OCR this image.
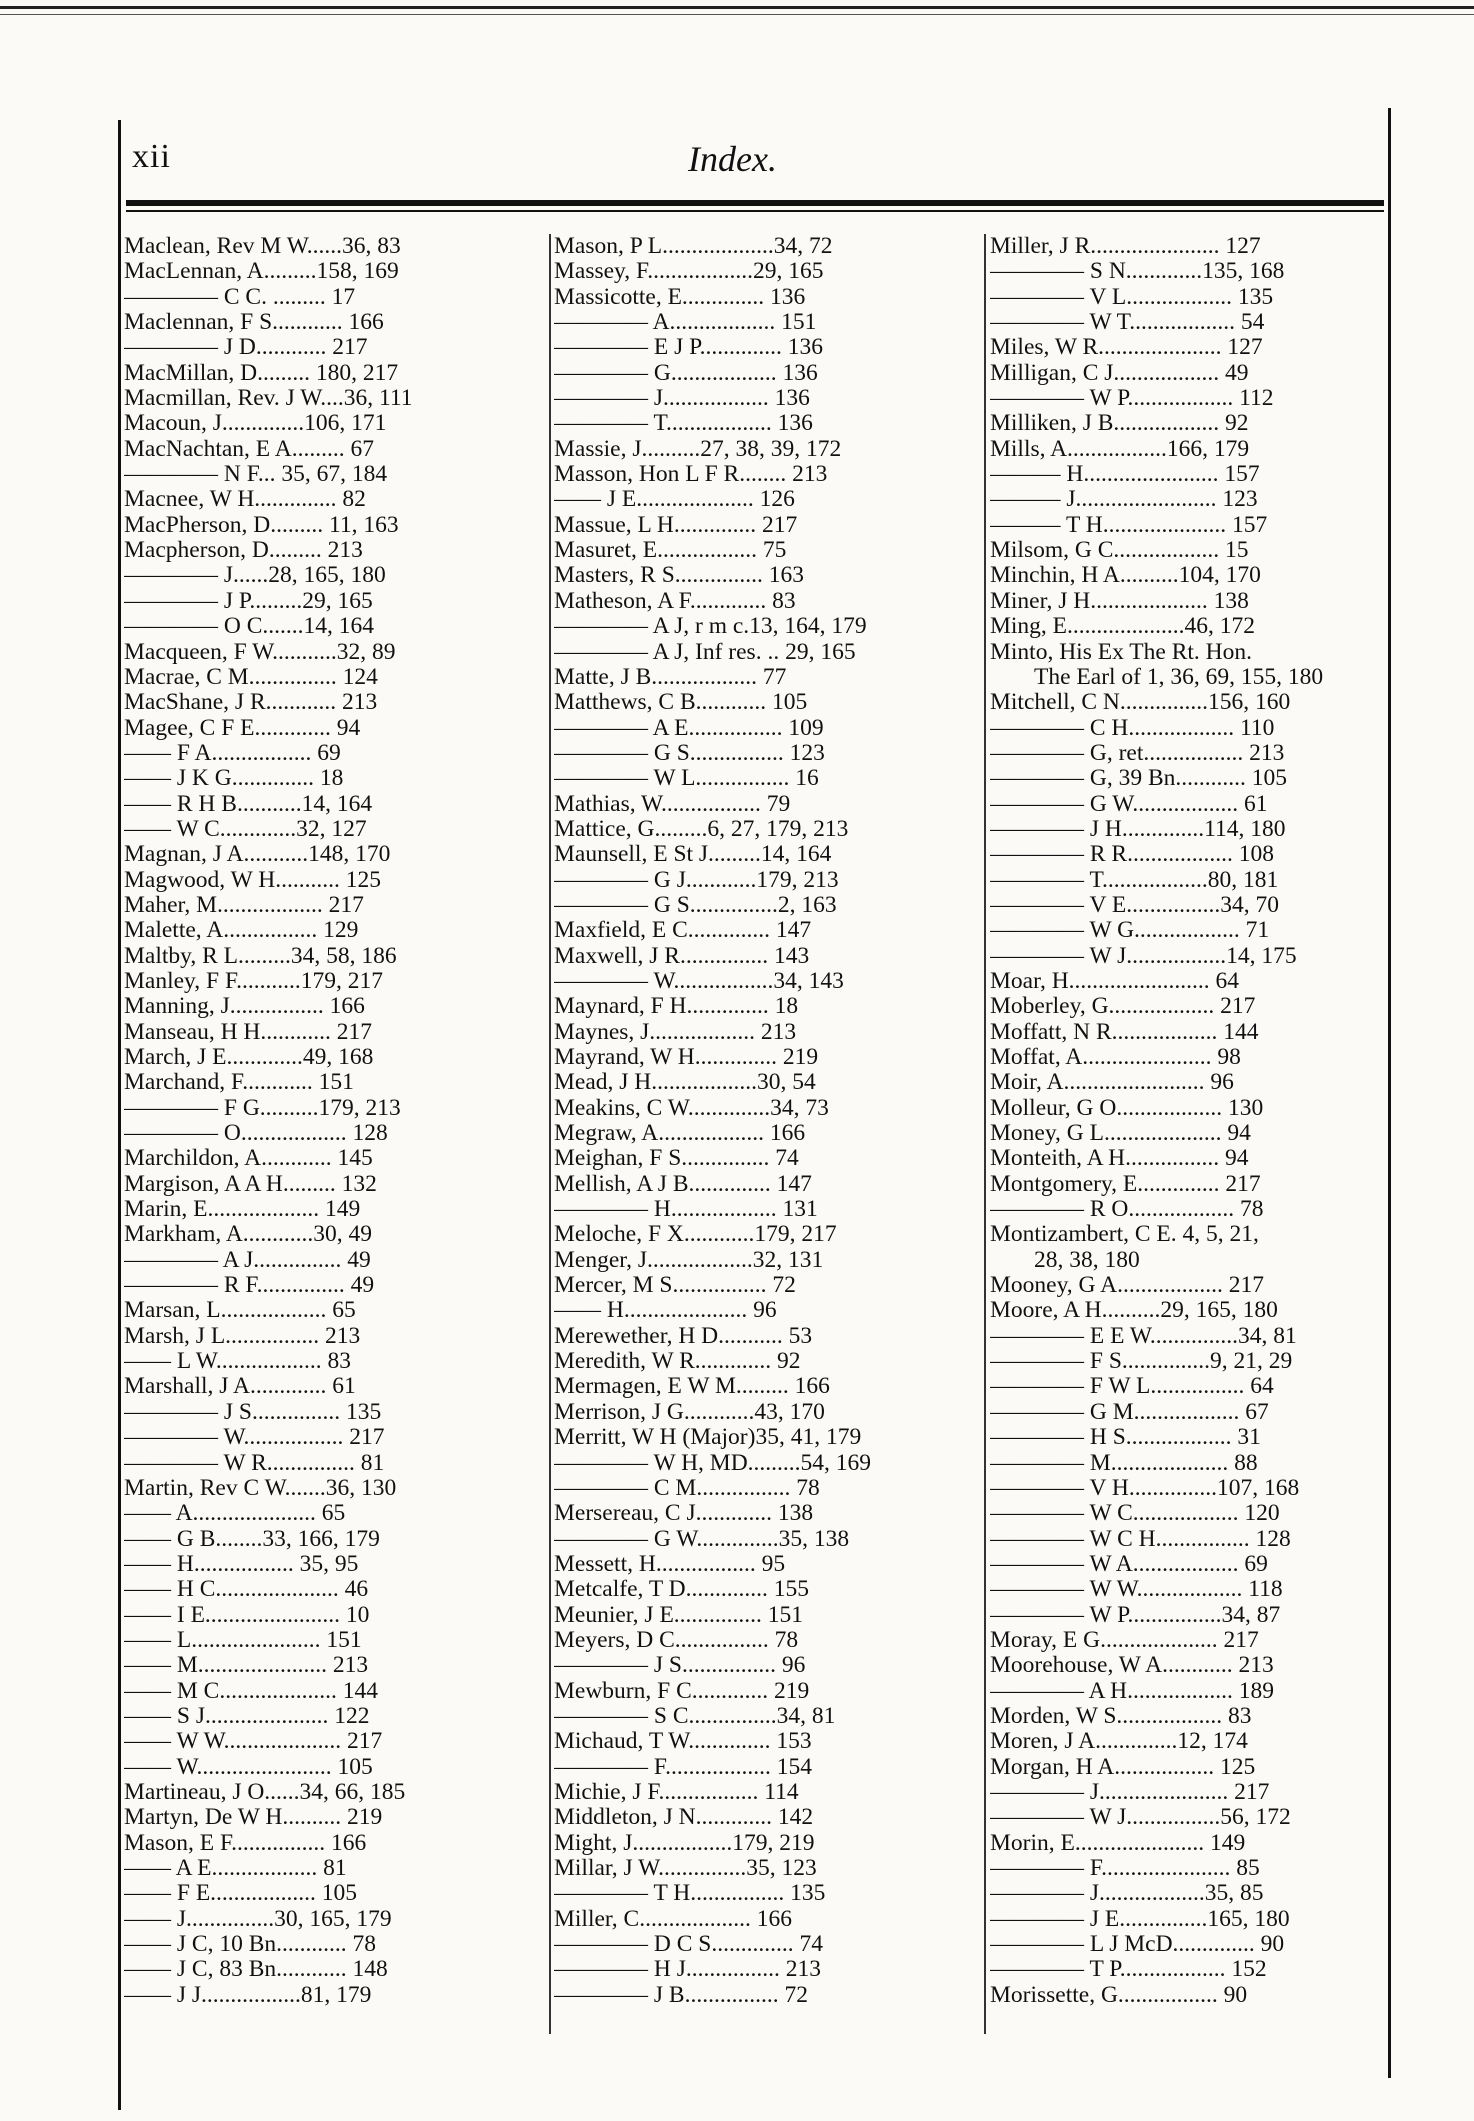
xii	Index.
Maclean, Rev M W......36, 83
MacLennan, A.........158, 169
———— C C. ......... 17
Maclennan, F S............ 166
———— J D............ 217
MacMillan, D......... 180, 217
Macmillan, Rev. J W....36, 111
Macoun, J..............106, 171
MacNachtan, E A......... 67
———— N F... 35, 67, 184
Macnee, W H.............. 82
MacPherson, D......... 11, 163
Macpherson, D......... 213
———— J......28, 165, 180
———— J P.........29, 165
———— O C.......14, 164
Macqueen, F W...........32, 89
Macrae, C M............... 124
MacShane, J R............ 213
Magee, C F E............. 94
—— F A................. 69
—— J K G.............. 18
—— R H B...........14, 164
—— W C.............32, 127
Magnan, J A...........148, 170
Magwood, W H........... 125
Maher, M.................. 217
Malette, A................ 129
Maltby, R L.........34, 58, 186
Manley, F F...........179, 217
Manning, J................ 166
Manseau, H H............ 217
March, J E.............49, 168
Marchand, F............ 151
———— F G..........179, 213
———— O.................. 128
Marchildon, A............ 145
Margison, A A H......... 132
Marin, E................... 149
Markham, A............30, 49
———— A J............... 49
———— R F............... 49
Marsan, L.................. 65
Marsh, J L................ 213
—— L W.................. 83
Marshall, J A............. 61
———— J S............... 135
———— W................. 217
———— W R............... 81
Martin, Rev C W.......36, 130
—— A..................... 65
—— G B........33, 166, 179
—— H................. 35, 95
—— H C..................... 46
—— I E....................... 10
—— L...................... 151
—— M...................... 213
—— M C.................... 144
—— S J..................... 122
—— W W.................... 217
—— W....................... 105
Martineau, J O......34, 66, 185
Martyn, De W H.......... 219
Mason, E F................ 166
—— A E.................. 81
—— F E.................. 105
—— J...............30, 165, 179
—— J C, 10 Bn............ 78
—— J C, 83 Bn............ 148
—— J J.................81, 179
Mason, P L...................34, 72
Massey, F..................29, 165
Massicotte, E.............. 136
———— A.................. 151
———— E J P.............. 136
———— G.................. 136
———— J.................. 136
———— T.................. 136
Massie, J..........27, 38, 39, 172
Masson, Hon L F R........ 213
—— J E.................... 126
Massue, L H.............. 217
Masuret, E................. 75
Masters, R S............... 163
Matheson, A F............. 83
———— A J, r m c.13, 164, 179
———— A J, Inf res. .. 29, 165
Matte, J B.................. 77
Matthews, C B............ 105
———— A E................ 109
———— G S................ 123
———— W L................ 16
Mathias, W................. 79
Mattice, G.........6, 27, 179, 213
Maunsell, E St J.........14, 164
———— G J............179, 213
———— G S...............2, 163
Maxfield, E C.............. 147
Maxwell, J R............... 143
———— W.................34, 143
Maynard, F H.............. 18
Maynes, J.................. 213
Mayrand, W H.............. 219
Mead, J H..................30, 54
Meakins, C W..............34, 73
Megraw, A.................. 166
Meighan, F S............... 74
Mellish, A J B.............. 147
———— H.................. 131
Meloche, F X............179, 217
Menger, J..................32, 131
Mercer, M S................ 72
—— H..................... 96
Merewether, H D........... 53
Meredith, W R............. 92
Mermagen, E W M......... 166
Merrison, J G............43, 170
Merritt, W H (Major)35, 41, 179
———— W H, MD.........54, 169
———— C M................ 78
Mersereau, C J............. 138
———— G W..............35, 138
Messett, H................. 95
Metcalfe, T D.............. 155
Meunier, J E............... 151
Meyers, D C................ 78
———— J S................ 96
Mewburn, F C............. 219
———— S C...............34, 81
Michaud, T W.............. 153
———— F.................. 154
Michie, J F................. 114
Middleton, J N............. 142
Might, J.................179, 219
Millar, J W...............35, 123
———— T H................ 135
Miller, C................... 166
———— D C S.............. 74
———— H J................ 213
———— J B................ 72
Miller, J R...................... 127
———— S N.............135, 168
———— V L.................. 135
———— W T.................. 54
Miles, W R..................... 127
Milligan, C J.................. 49
———— W P.................. 112
Milliken, J B.................. 92
Mills, A.................166, 179
——— H....................... 157
——— J........................ 123
——— T H..................... 157
Milsom, G C.................. 15
Minchin, H A..........104, 170
Miner, J H.................... 138
Ming, E....................46, 172
Minto, His Ex The Rt. Hon.
The Earl of 1, 36, 69, 155, 180
Mitchell, C N...............156, 160
———— C H.................. 110
———— G, ret................. 213
———— G, 39 Bn............ 105
———— G W.................. 61
———— J H..............114, 180
———— R R.................. 108
———— T..................80, 181
———— V E................34, 70
———— W G.................. 71
———— W J.................14, 175
Moar, H........................ 64
Moberley, G.................. 217
Moffatt, N R.................. 144
Moffat, A...................... 98
Moir, A........................ 96
Molleur, G O.................. 130
Money, G L.................... 94
Monteith, A H................ 94
Montgomery, E.............. 217
———— R O.................. 78
Montizambert, C E. 4, 5, 21,
28, 38, 180
Mooney, G A.................. 217
Moore, A H..........29, 165, 180
———— E E W...............34, 81
———— F S...............9, 21, 29
———— F W L................ 64
———— G M.................. 67
———— H S.................. 31
———— M.................... 88
———— V H...............107, 168
———— W C.................. 120
———— W C H................ 128
———— W A.................. 69
———— W W.................. 118
———— W P................34, 87
Moray, E G.................... 217
Moorehouse, W A............ 213
———— A H.................. 189
Morden, W S.................. 83
Moren, J A..............12, 174
Morgan, H A................. 125
———— J...................... 217
———— W J................56, 172
Morin, E...................... 149
———— F...................... 85
———— J..................35, 85
———— J E...............165, 180
———— L J McD.............. 90
———— T P.................. 152
Morissette, G................. 90
